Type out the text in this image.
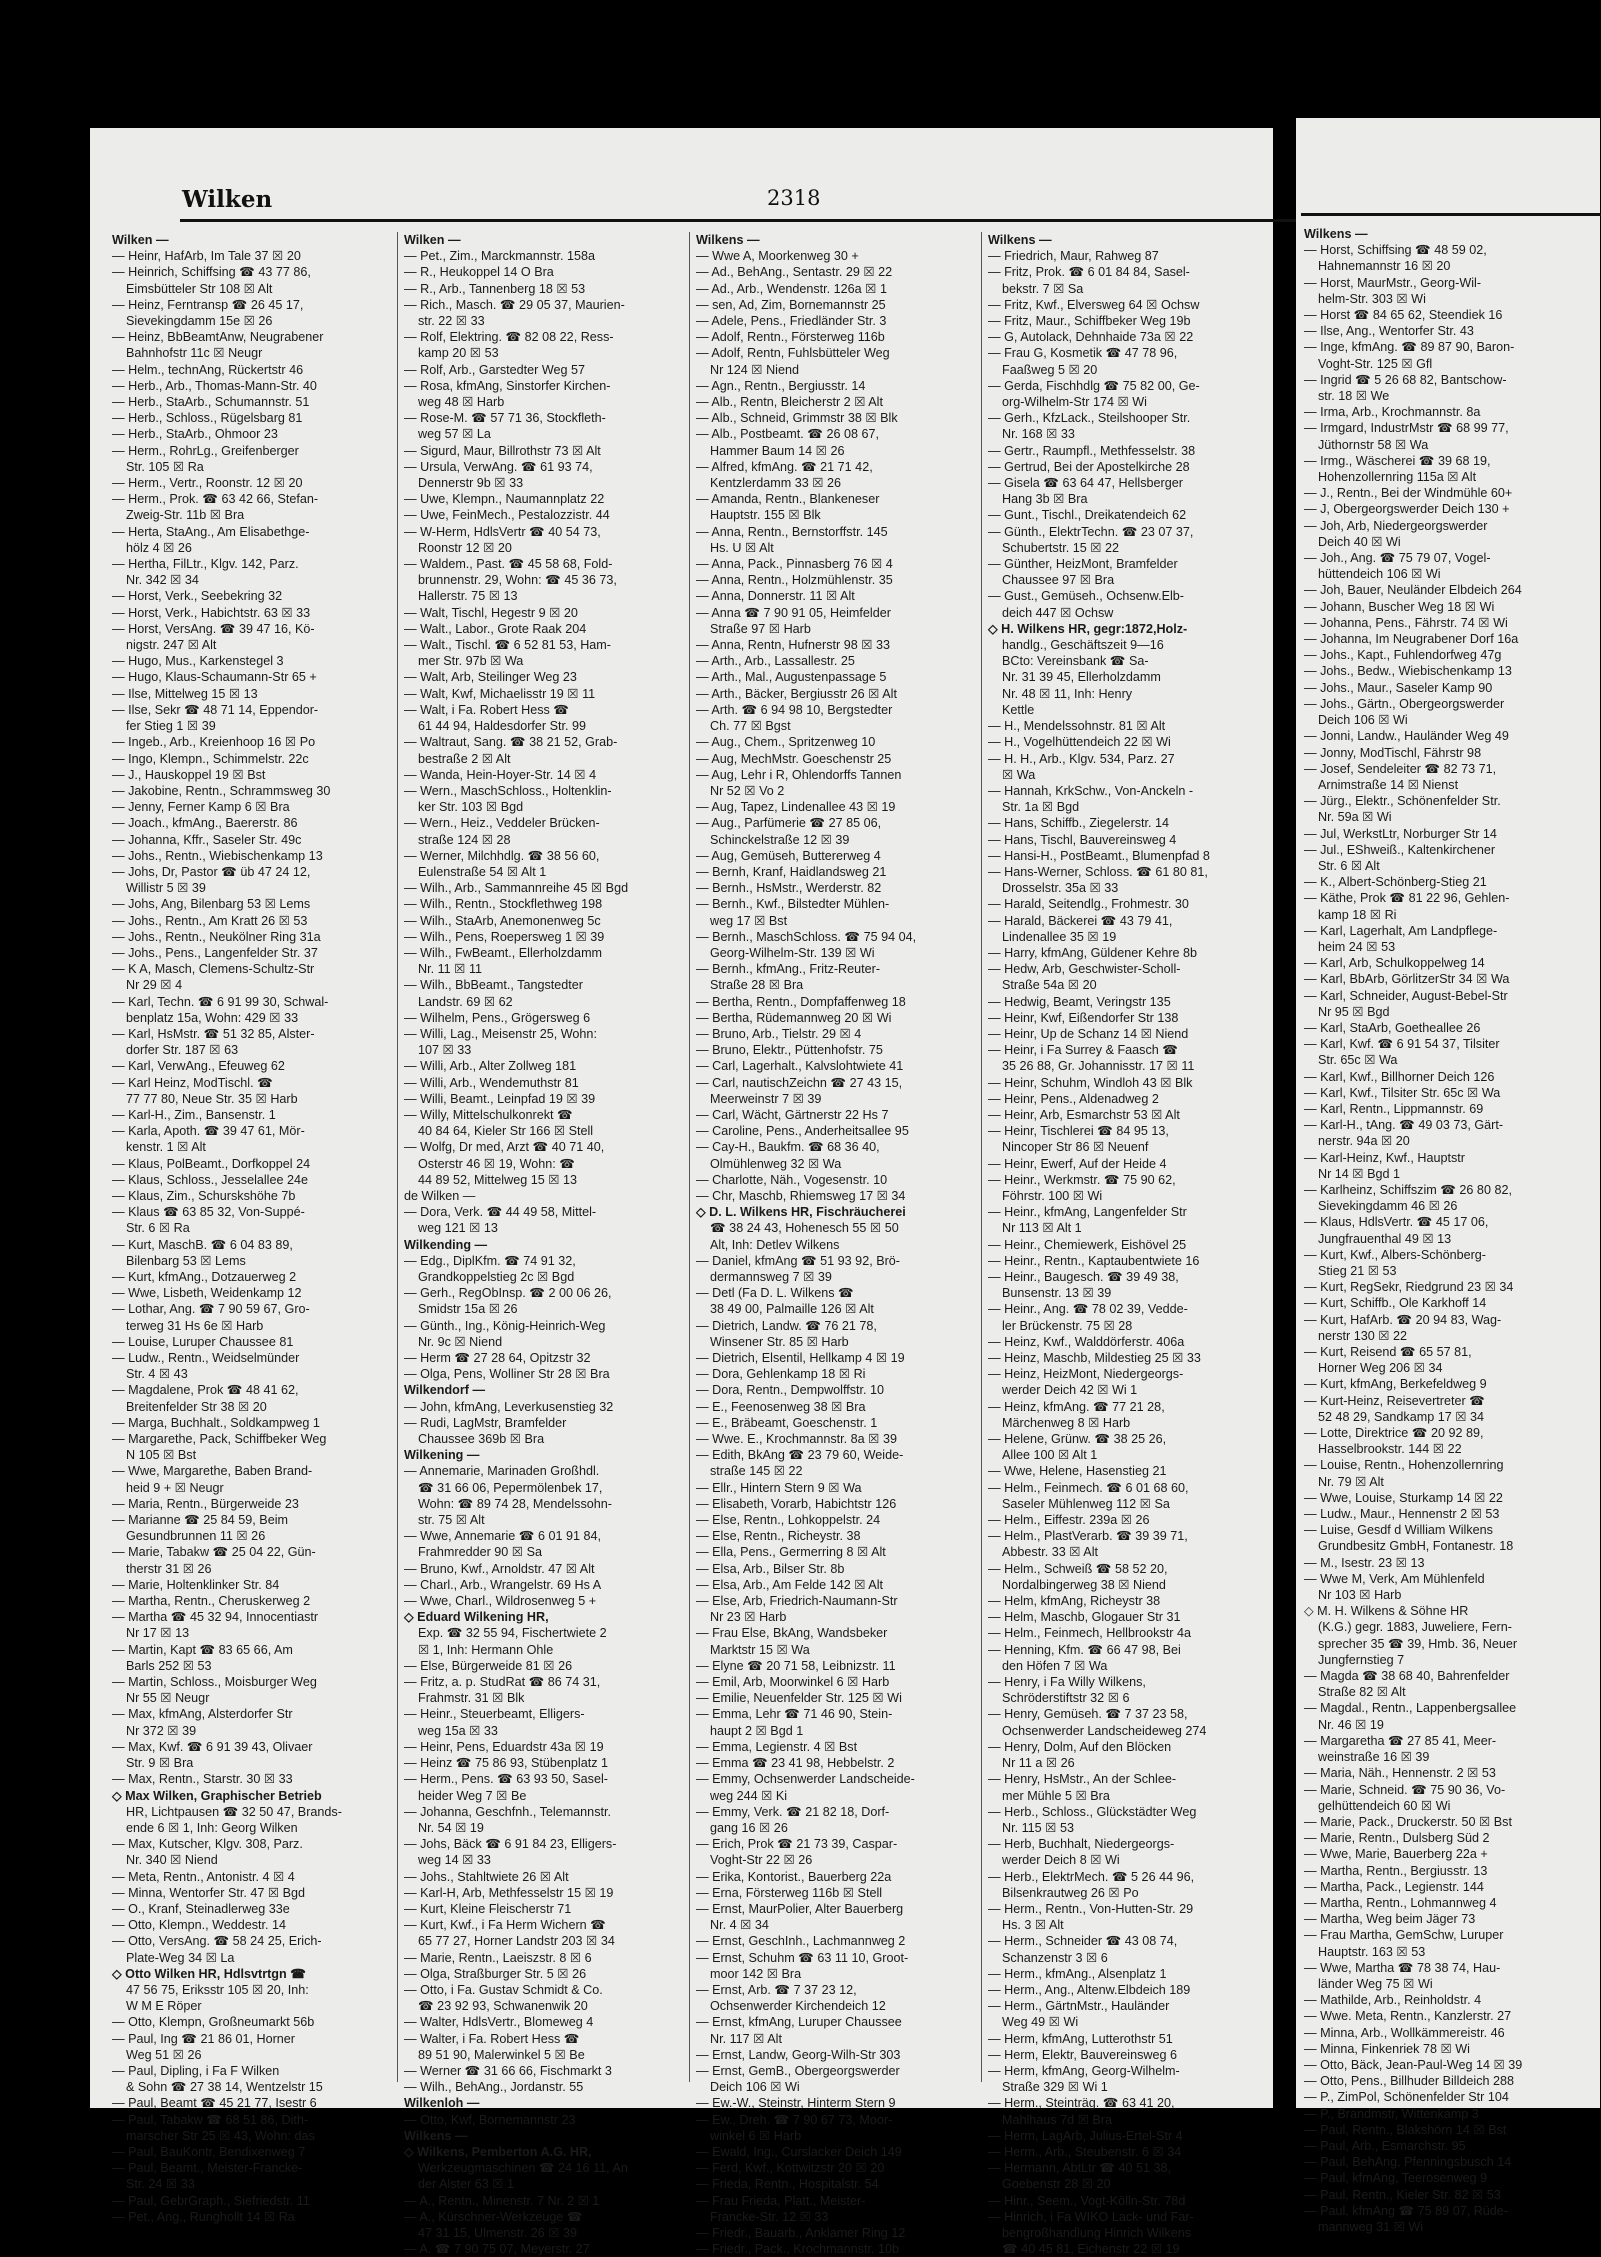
Wilken	2318
Wilken —
— Heinr, HafArb, Im Tale 37 ☒ 20
— Heinrich, Schiffsing ☎ 43 77 86,
Eimsbütteler Str 108 ☒ Alt
— Heinz, Ferntransp ☎ 26 45 17,
Sievekingdamm 15e ☒ 26
— Heinz, BbBeamtAnw, Neugrabener
Bahnhofstr 11c ☒ Neugr
— Helm., technAng, Rückertstr 46
— Herb., Arb., Thomas-Mann-Str. 40
— Herb., StaArb., Schumannstr. 51
— Herb., Schloss., Rügelsbarg 81
— Herb., StaArb., Ohmoor 23
— Herm., RohrLg., Greifenberger
Str. 105 ☒ Ra
— Herm., Vertr., Roonstr. 12 ☒ 20
— Herm., Prok. ☎ 63 42 66, Stefan-
Zweig-Str. 11b ☒ Bra
— Herta, StaAng., Am Elisabethge-
hölz 4 ☒ 26
— Hertha, FilLtr., Klgv. 142, Parz.
Nr. 342 ☒ 34
— Horst, Verk., Seebekring 32
— Horst, Verk., Habichtstr. 63 ☒ 33
— Horst, VersAng. ☎ 39 47 16, Kö-
nigstr. 247 ☒ Alt
— Hugo, Mus., Karkenstegel 3
— Hugo, Klaus-Schaumann-Str 65 +
— Ilse, Mittelweg 15 ☒ 13
— Ilse, Sekr ☎ 48 71 14, Eppendor-
fer Stieg 1 ☒ 39
— Ingeb., Arb., Kreienhoop 16 ☒ Po
— Ingo, Klempn., Schimmelstr. 22c
— J., Hauskoppel 19 ☒ Bst
— Jakobine, Rentn., Schrammsweg 30
— Jenny, Ferner Kamp 6 ☒ Bra
— Joach., kfmAng., Baererstr. 86
— Johanna, Kffr., Saseler Str. 49c
— Johs., Rentn., Wiebischenkamp 13
— Johs, Dr, Pastor ☎ üb 47 24 12,
Willistr 5 ☒ 39
— Johs, Ang, Bilenbarg 53 ☒ Lems
— Johs., Rentn., Am Kratt 26 ☒ 53
— Johs., Rentn., Neukölner Ring 31a
— Johs., Pens., Langenfelder Str. 37
— K A, Masch, Clemens-Schultz-Str
Nr 29 ☒ 4
— Karl, Techn. ☎ 6 91 99 30, Schwal-
benplatz 15a, Wohn: 429 ☒ 33
— Karl, HsMstr. ☎ 51 32 85, Alster-
dorfer Str. 187 ☒ 63
— Karl, VerwAng., Efeuweg 62
— Karl Heinz, ModTischl. ☎
77 77 80, Neue Str. 35 ☒ Harb
— Karl-H., Zim., Bansenstr. 1
— Karla, Apoth. ☎ 39 47 61, Mör-
kenstr. 1 ☒ Alt
— Klaus, PolBeamt., Dorfkoppel 24
— Klaus, Schloss., Jesselallee 24e
— Klaus, Zim., Schurskshöhe 7b
— Klaus ☎ 63 85 32, Von-Suppé-
Str. 6 ☒ Ra
— Kurt, MaschB. ☎ 6 04 83 89,
Bilenbarg 53 ☒ Lems
— Kurt, kfmAng., Dotzauerweg 2
— Wwe, Lisbeth, Weidenkamp 12
— Lothar, Ang. ☎ 7 90 59 67, Gro-
terweg 31 Hs 6e ☒ Harb
— Louise, Luruper Chaussee 81
— Ludw., Rentn., Weidselmünder
Str. 4 ☒ 43
— Magdalene, Prok ☎ 48 41 62,
Breitenfelder Str 38 ☒ 20
— Marga, Buchhalt., Soldkampweg 1
— Margarethe, Pack, Schiffbeker Weg
N 105 ☒ Bst
— Wwe, Margarethe, Baben Brand-
heid 9 + ☒ Neugr
— Maria, Rentn., Bürgerweide 23
— Marianne ☎ 25 84 59, Beim
Gesundbrunnen 11 ☒ 26
— Marie, Tabakw ☎ 25 04 22, Gün-
therstr 31 ☒ 26
— Marie, Holtenklinker Str. 84
— Martha, Rentn., Cheruskerweg 2
— Martha ☎ 45 32 94, Innocentiastr
Nr 17 ☒ 13
— Martin, Kapt ☎ 83 65 66, Am
Barls 252 ☒ 53
— Martin, Schloss., Moisburger Weg
Nr 55 ☒ Neugr
— Max, kfmAng, Alsterdorfer Str
Nr 372 ☒ 39
— Max, Kwf. ☎ 6 91 39 43, Olivaer
Str. 9 ☒ Bra
— Max, Rentn., Starstr. 30 ☒ 33
◇ Max Wilken, Graphischer Betrieb
HR, Lichtpausen ☎ 32 50 47, Brands-
ende 6 ☒ 1, Inh: Georg Wilken
— Max, Kutscher, Klgv. 308, Parz.
Nr. 340 ☒ Niend
— Meta, Rentn., Antonistr. 4 ☒ 4
— Minna, Wentorfer Str. 47 ☒ Bgd
— O., Kranf, Steinadlerweg 33e
— Otto, Klempn., Weddestr. 14
— Otto, VersAng. ☎ 58 24 25, Erich-
Plate-Weg 34 ☒ La
◇ Otto Wilken HR, Hdlsvtrtgn ☎
47 56 75, Eriksstr 105 ☒ 20, Inh:
W M E Röper
— Otto, Klempn, Großneumarkt 56b
— Paul, Ing ☎ 21 86 01, Horner
Weg 51 ☒ 26
— Paul, Dipling, i Fa F Wilken
& Sohn ☎ 27 38 14, Wentzelstr 15
— Paul, Beamt ☎ 45 21 77, Isestr 6
— Paul, Tabakw ☎ 68 51 86, Dith-
marscher Str 25 ☒ 43, Wohn: das
— Paul, BauKontr, Bendixenweg 7
— Paul, Beamt., Meister-Francke-
Str. 24 ☒ 33
— Paul, GebrGraph., Siefriedstr. 11
— Pet., Ang., Runghollt 14 ☒ Ra
Wilken —
— Pet., Zim., Marckmannstr. 158a
— R., Heukoppel 14 O Bra
— R., Arb., Tannenberg 18 ☒ 53
— Rich., Masch. ☎ 29 05 37, Maurien-
str. 22 ☒ 33
— Rolf, Elektring. ☎ 82 08 22, Ress-
kamp 20 ☒ 53
— Rolf, Arb., Garstedter Weg 57
— Rosa, kfmAng, Sinstorfer Kirchen-
weg 48 ☒ Harb
— Rose-M. ☎ 57 71 36, Stockfleth-
weg 57 ☒ La
— Sigurd, Maur, Billrothstr 73 ☒ Alt
— Ursula, VerwAng. ☎ 61 93 74,
Dennerstr 9b ☒ 33
— Uwe, Klempn., Naumannplatz 22
— Uwe, FeinMech., Pestalozzistr. 44
— W-Herm, HdlsVertr ☎ 40 54 73,
Roonstr 12 ☒ 20
— Waldem., Past. ☎ 45 58 68, Fold-
brunnenstr. 29, Wohn: ☎ 45 36 73,
Hallerstr. 75 ☒ 13
— Walt, Tischl, Hegestr 9 ☒ 20
— Walt., Labor., Grote Raak 204
— Walt., Tischl. ☎ 6 52 81 53, Ham-
mer Str. 97b ☒ Wa
— Walt, Arb, Steilinger Weg 23
— Walt, Kwf, Michaelisstr 19 ☒ 11
— Walt, i Fa. Robert Hess ☎
61 44 94, Haldesdorfer Str. 99
— Waltraut, Sang. ☎ 38 21 52, Grab-
bestraße 2 ☒ Alt
— Wanda, Hein-Hoyer-Str. 14 ☒ 4
— Wern., MaschSchloss., Holtenklin-
ker Str. 103 ☒ Bgd
— Wern., Heiz., Veddeler Brücken-
straße 124 ☒ 28
— Werner, Milchhdlg. ☎ 38 56 60,
Eulenstraße 54 ☒ Alt 1
— Wilh., Arb., Sammannreihe 45 ☒ Bgd
— Wilh., Rentn., Stockflethweg 198
— Wilh., StaArb, Anemonenweg 5c
— Wilh., Pens, Roepersweg 1 ☒ 39
— Wilh., FwBeamt., Ellerholzdamm
Nr. 11 ☒ 11
— Wilh., BbBeamt., Tangstedter
Landstr. 69 ☒ 62
— Wilhelm, Pens., Grögersweg 6
— Willi, Lag., Meisenstr 25, Wohn:
107 ☒ 33
— Willi, Arb., Alter Zollweg 181
— Willi, Arb., Wendemuthstr 81
— Willi, Beamt., Leinpfad 19 ☒ 39
— Willy, Mittelschulkonrekt ☎
40 84 64, Kieler Str 166 ☒ Stell
— Wolfg, Dr med, Arzt ☎ 40 71 40,
Osterstr 46 ☒ 19, Wohn: ☎
44 89 52, Mittelweg 15 ☒ 13
de Wilken —
— Dora, Verk. ☎ 44 49 58, Mittel-
weg 121 ☒ 13
Wilkending —
— Edg., DiplKfm. ☎ 74 91 32,
Grandkoppelstieg 2c ☒ Bgd
— Gerh., RegObInsp. ☎ 2 00 06 26,
Smidstr 15a ☒ 26
— Günth., Ing., König-Heinrich-Weg
Nr. 9c ☒ Niend
— Herm ☎ 27 28 64, Opitzstr 32
— Olga, Pens, Wolliner Str 28 ☒ Bra
Wilkendorf —
— John, kfmAng, Leverkusenstieg 32
— Rudi, LagMstr, Bramfelder
Chaussee 369b ☒ Bra
Wilkening —
— Annemarie, Marinaden Großhdl.
☎ 31 66 06, Pepermölenbek 17,
Wohn: ☎ 89 74 28, Mendelssohn-
str. 75 ☒ Alt
— Wwe, Annemarie ☎ 6 01 91 84,
Frahmredder 90 ☒ Sa
— Bruno, Kwf., Arnoldstr. 47 ☒ Alt
— Charl., Arb., Wrangelstr. 69 Hs A
— Wwe, Charl., Wildrosenweg 5 +
◇ Eduard Wilkening HR,
Exp. ☎ 32 55 94, Fischertwiete 2
☒ 1, Inh: Hermann Ohle
— Else, Bürgerweide 81 ☒ 26
— Fritz, a. p. StudRat ☎ 86 74 31,
Frahmstr. 31 ☒ Blk
— Heinr., Steuerbeamt, Elligers-
weg 15a ☒ 33
— Heinr, Pens, Eduardstr 43a ☒ 19
— Heinz ☎ 75 86 93, Stübenplatz 1
— Herm., Pens. ☎ 63 93 50, Sasel-
heider Weg 7 ☒ Be
— Johanna, Geschfnh., Telemannstr.
Nr. 54 ☒ 19
— Johs, Bäck ☎ 6 91 84 23, Elligers-
weg 14 ☒ 33
— Johs., Stahltwiete 26 ☒ Alt
— Karl-H, Arb, Methfesselstr 15 ☒ 19
— Kurt, Kleine Fleischerstr 71
— Kurt, Kwf., i Fa Herm Wichern ☎
65 77 27, Horner Landstr 203 ☒ 34
— Marie, Rentn., Laeiszstr. 8 ☒ 6
— Olga, Straßburger Str. 5 ☒ 26
— Otto, i Fa. Gustav Schmidt & Co.
☎ 23 92 93, Schwanenwik 20
— Walter, HdlsVertr., Blomeweg 4
— Walter, i Fa. Robert Hess ☎
89 51 90, Malerwinkel 5 ☒ Be
— Werner ☎ 31 66 66, Fischmarkt 3
— Wilh., BehAng., Jordanstr. 55
Wilkenloh —
— Otto, Kwf, Bornemannstr 23
Wilkens —
◇ Wilkens, Pemberton A.G. HR,
Werkzeugmaschinen ☎ 24 16 11, An
der Alster 63 ☒ 1
— A., Rentn., Minenstr. 7 Nr. 2 ☒ 1
— A., Kürschner-Werkzeuge ☎
47 31 15, Ulmenstr. 26 ☒ 39
— A. ☎ 7 90 75 07, Meyerstr. 27
Wilkens —
— Wwe A, Moorkenweg 30 +
— Ad., BehAng., Sentastr. 29 ☒ 22
— Ad., Arb., Wendenstr. 126a ☒ 1
— sen, Ad, Zim, Bornemannstr 25
— Adele, Pens., Friedländer Str. 3
— Adolf, Rentn., Försterweg 116b
— Adolf, Rentn, Fuhlsbütteler Weg
Nr 124 ☒ Niend
— Agn., Rentn., Bergiusstr. 14
— Alb., Rentn, Bleicherstr 2 ☒ Alt
— Alb., Schneid, Grimmstr 38 ☒ Blk
— Alb., Postbeamt. ☎ 26 08 67,
Hammer Baum 14 ☒ 26
— Alfred, kfmAng. ☎ 21 71 42,
Kentzlerdamm 33 ☒ 26
— Amanda, Rentn., Blankeneser
Hauptstr. 155 ☒ Blk
— Anna, Rentn., Bernstorffstr. 145
Hs. U ☒ Alt
— Anna, Pack., Pinnasberg 76 ☒ 4
— Anna, Rentn., Holzmühlenstr. 35
— Anna, Donnerstr. 11 ☒ Alt
— Anna ☎ 7 90 91 05, Heimfelder
Straße 97 ☒ Harb
— Anna, Rentn, Hufnerstr 98 ☒ 33
— Arth., Arb., Lassallestr. 25
— Arth., Mal., Augustenpassage 5
— Arth., Bäcker, Bergiusstr 26 ☒ Alt
— Arth. ☎ 6 94 98 10, Bergstedter
Ch. 77 ☒ Bgst
— Aug., Chem., Spritzenweg 10
— Aug, MechMstr. Goeschenstr 25
— Aug, Lehr i R, Ohlendorffs Tannen
Nr 52 ☒ Vo 2
— Aug, Tapez, Lindenallee 43 ☒ 19
— Aug., Parfümerie ☎ 27 85 06,
Schinckelstraße 12 ☒ 39
— Aug, Gemüseh, Buttererweg 4
— Bernh, Kranf, Haidlandsweg 21
— Bernh., HsMstr., Werderstr. 82
— Bernh., Kwf., Bilstedter Mühlen-
weg 17 ☒ Bst
— Bernh., MaschSchloss. ☎ 75 94 04,
Georg-Wilhelm-Str. 139 ☒ Wi
— Bernh., kfmAng., Fritz-Reuter-
Straße 28 ☒ Bra
— Bertha, Rentn., Dompfaffenweg 18
— Bertha, Rüdemannweg 20 ☒ Wi
— Bruno, Arb., Tielstr. 29 ☒ 4
— Bruno, Elektr., Püttenhofstr. 75
— Carl, Lagerhalt., Kalvslohtwiete 41
— Carl, nautischZeichn ☎ 27 43 15,
Meerweinstr 7 ☒ 39
— Carl, Wächt, Gärtnerstr 22 Hs 7
— Caroline, Pens., Anderheitsallee 95
— Cay-H., Baukfm. ☎ 68 36 40,
Olmühlenweg 32 ☒ Wa
— Charlotte, Näh., Vogesenstr. 10
— Chr, Maschb, Rhiemsweg 17 ☒ 34
◇ D. L. Wilkens HR, Fischräucherei
☎ 38 24 43, Hohenesch 55 ☒ 50
Alt, Inh: Detlev Wilkens
— Daniel, kfmAng ☎ 51 93 92, Brö-
dermannsweg 7 ☒ 39
— Detl (Fa D. L. Wilkens ☎
38 49 00, Palmaille 126 ☒ Alt
— Dietrich, Landw. ☎ 76 21 78,
Winsener Str. 85 ☒ Harb
— Dietrich, Elsentil, Hellkamp 4 ☒ 19
— Dora, Gehlenkamp 18 ☒ Ri
— Dora, Rentn., Dempwolffstr. 10
— E., Feenosenweg 38 ☒ Bra
— E., Bräbeamt, Goeschenstr. 1
— Wwe. E., Krochmannstr. 8a ☒ 39
— Edith, BkAng ☎ 23 79 60, Weide-
straße 145 ☒ 22
— Ellr., Hintern Stern 9 ☒ Wa
— Elisabeth, Vorarb, Habichtstr 126
— Else, Rentn., Lohkoppelstr. 24
— Else, Rentn., Richeystr. 38
— Ella, Pens., Germerring 8 ☒ Alt
— Elsa, Arb., Bilser Str. 8b
— Elsa, Arb., Am Felde 142 ☒ Alt
— Else, Arb, Friedrich-Naumann-Str
Nr 23 ☒ Harb
— Frau Else, BkAng, Wandsbeker
Marktstr 15 ☒ Wa
— Elyne ☎ 20 71 58, Leibnizstr. 11
— Emil, Arb, Moorwinkel 6 ☒ Harb
— Emilie, Neuenfelder Str. 125 ☒ Wi
— Emma, Lehr ☎ 71 46 90, Stein-
haupt 2 ☒ Bgd 1
— Emma, Legienstr. 4 ☒ Bst
— Emma ☎ 23 41 98, Hebbelstr. 2
— Emmy, Ochsenwerder Landscheide-
weg 244 ☒ Ki
— Emmy, Verk. ☎ 21 82 18, Dorf-
gang 16 ☒ 26
— Erich, Prok ☎ 21 73 39, Caspar-
Voght-Str 22 ☒ 26
— Erika, Kontorist., Bauerberg 22a
— Erna, Försterweg 116b ☒ Stell
— Ernst, MaurPolier, Alter Bauerberg
Nr. 4 ☒ 34
— Ernst, GeschInh., Lachmannweg 2
— Ernst, Schuhm ☎ 63 11 10, Groot-
moor 142 ☒ Bra
— Ernst, Arb. ☎ 7 37 23 12,
Ochsenwerder Kirchendeich 12
— Ernst, kfmAng, Luruper Chaussee
Nr. 117 ☒ Alt
— Ernst, Landw, Georg-Wilh-Str 303
— Ernst, GemB., Obergeorgswerder
Deich 106 ☒ Wi
— Ew.-W., Steinstr, Hinterm Stern 9
— Ew., Dreh. ☎ 7 90 67 73, Moor-
winkel 6 ☒ Harb
— Ewald, Ing., Curslacker Deich 149
— Ferd, Kwf., Kottwitzstr 20 ☒ 20
— Frieda, Rentn., Hospitalstr. 54
— Frau Frieda, Platt., Meister-
Francke-Str. 12 ☒ 33
— Friedr., Bauarb., Anklamer Ring 12
— Friedr., Pack., Krochmannstr. 10b
Wilkens —
— Friedrich, Maur, Rahweg 87
— Fritz, Prok. ☎ 6 01 84 84, Sasel-
bekstr. 7 ☒ Sa
— Fritz, Kwf., Elversweg 64 ☒ Ochsw
— Fritz, Maur., Schiffbeker Weg 19b
— G, Autolack, Dehnhaide 73a ☒ 22
— Frau G, Kosmetik ☎ 47 78 96,
Faaßweg 5 ☒ 20
— Gerda, Fischhdlg ☎ 75 82 00, Ge-
org-Wilhelm-Str 174 ☒ Wi
— Gerh., KfzLack., Steilshooper Str.
Nr. 168 ☒ 33
— Gertr., Raumpfl., Methfesselstr. 38
— Gertrud, Bei der Apostelkirche 28
— Gisela ☎ 63 64 47, Hellsberger
Hang 3b ☒ Bra
— Gunt., Tischl., Dreikatendeich 62
— Günth., ElektrTechn. ☎ 23 07 37,
Schubertstr. 15 ☒ 22
— Günther, HeizMont, Bramfelder
Chaussee 97 ☒ Bra
— Gust., Gemüseh., Ochsenw.Elb-
deich 447 ☒ Ochsw
◇ H. Wilkens HR, gegr:1872,Holz-
handlg., Geschäftszeit 9—16
BCto: Vereinsbank ☎ Sa-
Nr. 31 39 45, Ellerholzdamm
Nr. 48 ☒ 11, Inh: Henry
Kettle
— H., Mendelssohnstr. 81 ☒ Alt
— H., Vogelhüttendeich 22 ☒ Wi
— H. H., Arb., Klgv. 534, Parz. 27
☒ Wa
— Hannah, KrkSchw., Von-Anckeln -
Str. 1a ☒ Bgd
— Hans, Schiffb., Ziegelerstr. 14
— Hans, Tischl, Bauvereinsweg 4
— Hansi-H., PostBeamt., Blumenpfad 8
— Hans-Werner, Schloss. ☎ 61 80 81,
Drosselstr. 35a ☒ 33
— Harald, Seitendlg., Frohmestr. 30
— Harald, Bäckerei ☎ 43 79 41,
Lindenallee 35 ☒ 19
— Harry, kfmAng, Güldener Kehre 8b
— Hedw, Arb, Geschwister-Scholl-
Straße 54a ☒ 20
— Hedwig, Beamt, Veringstr 135
— Heinr, Kwf, Eißendorfer Str 138
— Heinr, Up de Schanz 14 ☒ Niend
— Heinr, i Fa Surrey & Faasch ☎
35 26 88, Gr. Johannisstr. 17 ☒ 11
— Heinr, Schuhm, Windloh 43 ☒ Blk
— Heinr, Pens., Aldenadweg 2
— Heinr, Arb, Esmarchstr 53 ☒ Alt
— Heinr, Tischlerei ☎ 84 95 13,
Nincoper Str 86 ☒ Neuenf
— Heinr, Ewerf, Auf der Heide 4
— Heinr., Werkmstr. ☎ 75 90 62,
Föhrstr. 100 ☒ Wi
— Heinr., kfmAng, Langenfelder Str
Nr 113 ☒ Alt 1
— Heinr., Chemiewerk, Eishövel 25
— Heinr., Rentn., Kaptaubentwiete 16
— Heinr., Baugesch. ☎ 39 49 38,
Bunsenstr. 13 ☒ 39
— Heinr., Ang. ☎ 78 02 39, Vedde-
ler Brückenstr. 75 ☒ 28
— Heinz, Kwf., Walddörferstr. 406a
— Heinz, Maschb, Mildestieg 25 ☒ 33
— Heinz, HeizMont, Niedergeorgs-
werder Deich 42 ☒ Wi 1
— Heinz, kfmAng. ☎ 77 21 28,
Märchenweg 8 ☒ Harb
— Helene, Grünw. ☎ 38 25 26,
Allee 100 ☒ Alt 1
— Wwe, Helene, Hasenstieg 21
— Helm., Feinmech. ☎ 6 01 68 60,
Saseler Mühlenweg 112 ☒ Sa
— Helm., Eiffestr. 239a ☒ 26
— Helm., PlastVerarb. ☎ 39 39 71,
Abbestr. 33 ☒ Alt
— Helm., Schweiß ☎ 58 52 20,
Nordalbingerweg 38 ☒ Niend
— Helm, kfmAng, Richeystr 38
— Helm, Maschb, Glogauer Str 31
— Helm., Feinmech, Hellbrookstr 4a
— Henning, Kfm. ☎ 66 47 98, Bei
den Höfen 7 ☒ Wa
— Henry, i Fa Willy Wilkens,
Schröderstiftstr 32 ☒ 6
— Henry, Gemüseh. ☎ 7 37 23 58,
Ochsenwerder Landscheideweg 274
— Henry, Dolm, Auf den Blöcken
Nr 11 a ☒ 26
— Henry, HsMstr., An der Schlee-
mer Mühle 5 ☒ Bra
— Herb., Schloss., Glückstädter Weg
Nr. 115 ☒ 53
— Herb, Buchhalt, Niedergeorgs-
werder Deich 8 ☒ Wi
— Herb., ElektrMech. ☎ 5 26 44 96,
Bilsenkrautweg 26 ☒ Po
— Herm., Rentn., Von-Hutten-Str. 29
Hs. 3 ☒ Alt
— Herm., Schneider ☎ 43 08 74,
Schanzenstr 3 ☒ 6
— Herm., kfmAng., Alsenplatz 1
— Herm., Ang., Altenw.Elbdeich 189
— Herm., GärtnMstr., Hauländer
Weg 49 ☒ Wi
— Herm, kfmAng, Lutterothstr 51
— Herm, Elektr, Bauvereinsweg 6
— Herm, kfmAng, Georg-Wilhelm-
Straße 329 ☒ Wi 1
— Herm., Steinträg. ☎ 63 41 20,
Mahlhaus 7d ☒ Bra
— Herm, LagArb, Julius-Ertel-Str 4
— Herm., Arb., Steubenstr. 6 ☒ 34
— Hermann, AbtLtr ☎ 40 51 38,
Goebenstr 28 ☒ 20
— Hinr., Seem., Vogt-Kölln-Str. 78d
— Hinrich, i Fa WIKO Lack- und Far-
bengroßhandlung Hinrich Wilkens
☎ 40 45 81, Eichenstr 22 ☒ 19
Wilkens —
— Horst, Schiffsing ☎ 48 59 02,
Hahnemannstr 16 ☒ 20
— Horst, MaurMstr., Georg-Wil-
helm-Str. 303 ☒ Wi
— Horst ☎ 84 65 62, Steendiek 16
— Ilse, Ang., Wentorfer Str. 43
— Inge, kfmAng. ☎ 89 87 90, Baron-
Voght-Str. 125 ☒ Gfl
— Ingrid ☎ 5 26 68 82, Bantschow-
str. 18 ☒ We
— Irma, Arb., Krochmannstr. 8a
— Irmgard, IndustrMstr ☎ 68 99 77,
Jüthornstr 58 ☒ Wa
— Irmg., Wäscherei ☎ 39 68 19,
Hohenzollernring 115a ☒ Alt
— J., Rentn., Bei der Windmühle 60+
— J, Obergeorgswerder Deich 130 +
— Joh, Arb, Niedergeorgswerder
Deich 40 ☒ Wi
— Joh., Ang. ☎ 75 79 07, Vogel-
hüttendeich 106 ☒ Wi
— Joh, Bauer, Neuländer Elbdeich 264
— Johann, Buscher Weg 18 ☒ Wi
— Johanna, Pens., Fährstr. 74 ☒ Wi
— Johanna, Im Neugrabener Dorf 16a
— Johs., Kapt., Fuhlendorfweg 47g
— Johs., Bedw., Wiebischenkamp 13
— Johs., Maur., Saseler Kamp 90
— Johs., Gärtn., Obergeorgswerder
Deich 106 ☒ Wi
— Jonni, Landw., Hauländer Weg 49
— Jonny, ModTischl, Fährstr 98
— Josef, Sendeleiter ☎ 82 73 71,
Arnimstraße 14 ☒ Nienst
— Jürg., Elektr., Schönenfelder Str.
Nr. 59a ☒ Wi
— Jul, WerkstLtr, Norburger Str 14
— Jul., EShweiß., Kaltenkirchener
Str. 6 ☒ Alt
— K., Albert-Schönberg-Stieg 21
— Käthe, Prok ☎ 81 22 96, Gehlen-
kamp 18 ☒ Ri
— Karl, Lagerhalt, Am Landpflege-
heim 24 ☒ 53
— Karl, Arb, Schulkoppelweg 14
— Karl, BbArb, GörlitzerStr 34 ☒ Wa
— Karl, Schneider, August-Bebel-Str
Nr 95 ☒ Bgd
— Karl, StaArb, Goetheallee 26
— Karl, Kwf. ☎ 6 91 54 37, Tilsiter
Str. 65c ☒ Wa
— Karl, Kwf., Billhorner Deich 126
— Karl, Kwf., Tilsiter Str. 65c ☒ Wa
— Karl, Rentn., Lippmannstr. 69
— Karl-H., tAng. ☎ 49 03 73, Gärt-
nerstr. 94a ☒ 20
— Karl-Heinz, Kwf., Hauptstr
Nr 14 ☒ Bgd 1
— Karlheinz, Schiffszim ☎ 26 80 82,
Sievekingdamm 46 ☒ 26
— Klaus, HdlsVertr. ☎ 45 17 06,
Jungfrauenthal 49 ☒ 13
— Kurt, Kwf., Albers-Schönberg-
Stieg 21 ☒ 53
— Kurt, RegSekr, Riedgrund 23 ☒ 34
— Kurt, Schiffb., Ole Karkhoff 14
— Kurt, HafArb. ☎ 20 94 83, Wag-
nerstr 130 ☒ 22
— Kurt, Reisend ☎ 65 57 81,
Horner Weg 206 ☒ 34
— Kurt, kfmAng, Berkefeldweg 9
— Kurt-Heinz, Reisevertreter ☎
52 48 29, Sandkamp 17 ☒ 34
— Lotte, Direktrice ☎ 20 92 89,
Hasselbrookstr. 144 ☒ 22
— Louise, Rentn., Hohenzollernring
Nr. 79 ☒ Alt
— Wwe, Louise, Sturkamp 14 ☒ 22
— Ludw., Maur., Hennenstr 2 ☒ 53
— Luise, Gesdf d William Wilkens
Grundbesitz GmbH, Fontanestr. 18
— M., Isestr. 23 ☒ 13
— Wwe M, Verk, Am Mühlenfeld
Nr 103 ☒ Harb
◇ M. H. Wilkens & Söhne HR
(K.G.) gegr. 1883, Juweliere, Fern-
sprecher 35 ☎ 39, Hmb. 36, Neuer
Jungfernstieg 7
— Magda ☎ 38 68 40, Bahrenfelder
Straße 82 ☒ Alt
— Magdal., Rentn., Lappenbergsallee
Nr. 46 ☒ 19
— Margaretha ☎ 27 85 41, Meer-
weinstraße 16 ☒ 39
— Maria, Näh., Hennenstr. 2 ☒ 53
— Marie, Schneid. ☎ 75 90 36, Vo-
gelhüttendeich 60 ☒ Wi
— Marie, Pack., Druckerstr. 50 ☒ Bst
— Marie, Rentn., Dulsberg Süd 2
— Wwe, Marie, Bauerberg 22a +
— Martha, Rentn., Bergiusstr. 13
— Martha, Pack., Legienstr. 144
— Martha, Rentn., Lohmannweg 4
— Martha, Weg beim Jäger 73
— Frau Martha, GemSchw, Luruper
Hauptstr. 163 ☒ 53
— Wwe, Martha ☎ 78 38 74, Hau-
länder Weg 75 ☒ Wi
— Mathilde, Arb., Reinholdstr. 4
— Wwe. Meta, Rentn., Kanzlerstr. 27
— Minna, Arb., Wollkämmereistr. 46
— Minna, Finkenriek 78 ☒ Wi
— Otto, Bäck, Jean-Paul-Weg 14 ☒ 39
— Otto, Pens., Billhuder Billdeich 288
— P., ZimPol, Schönenfelder Str 104
— P., Brandmstr, Wittenkamp 3
— Paul, Rentn., Blakshörn 14 ☒ Bst
— Paul, Arb., Esmarchstr. 95
— Paul, BehAng, Pfenningsbusch 14
— Paul, kfmAng, Teerosenweg 9
— Paul, Rentn., Kieler Str. 82 ☒ 53
— Paul, kfmAng ☎ 75 89 07, Rüde-
mannweg 31 ☒ Wi
